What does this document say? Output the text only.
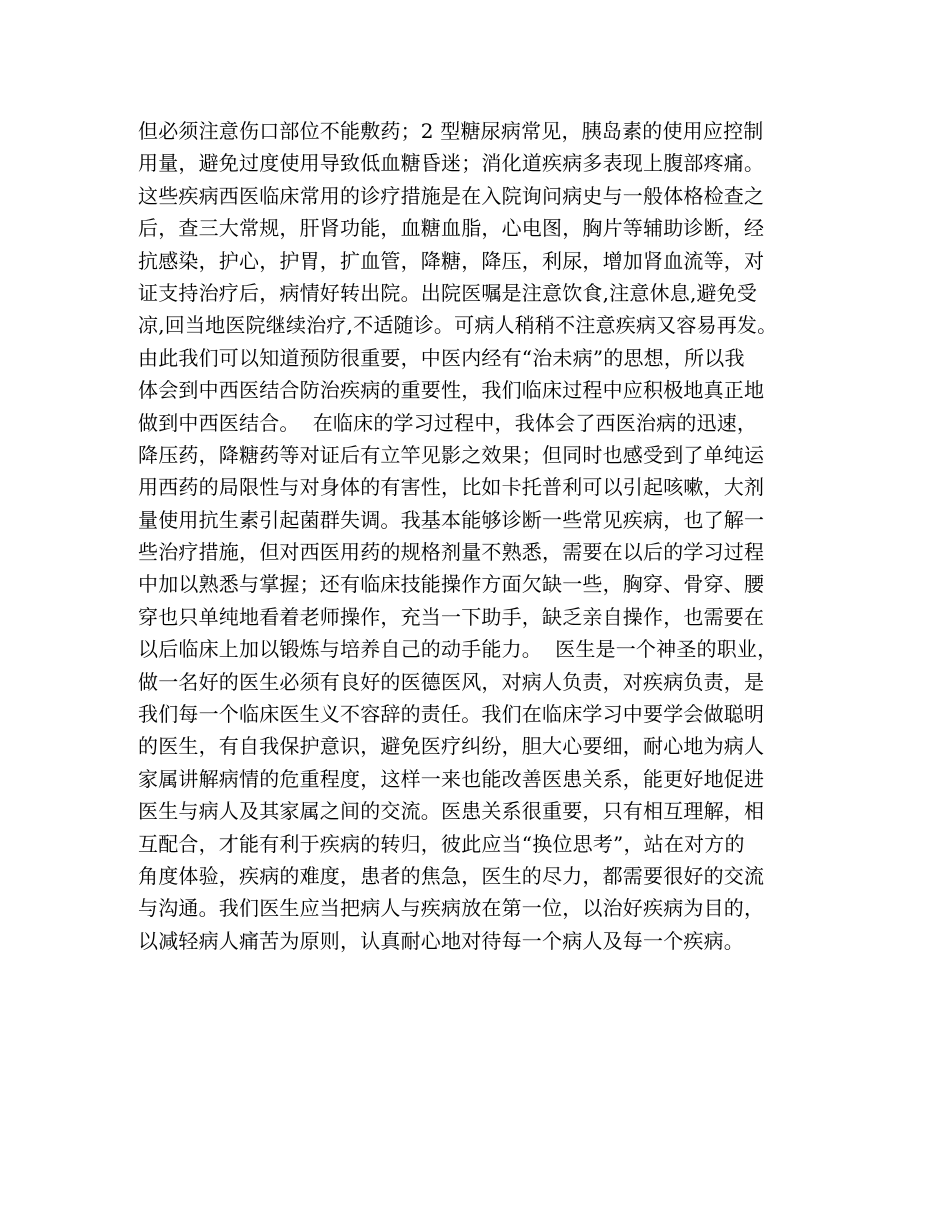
但必须注意伤口部位不能敷药；2 型糖尿病常见，胰岛素的使用应控制
用量，避免过度使用导致低血糖昏迷；消化道疾病多表现上腹部疼痛。
这些疾病西医临床常用的诊疗措施是在入院询问病史与一般体格检查之
后，查三大常规，肝肾功能，血糖血脂，心电图，胸片等辅助诊断，经
抗感染，护心，护胃，扩血管，降糖，降压，利尿，增加肾血流等，对
证支持治疗后，病情好转出院。出院医嘱是注意饮食,注意休息,避免受
凉,回当地医院继续治疗,不适随诊。可病人稍稍不注意疾病又容易再发。
由此我们可以知道预防很重要，中医内经有“治未病”的思想，所以我
体会到中西医结合防治疾病的重要性，我们临床过程中应积极地真正地
做到中西医结合。  在临床的学习过程中，我体会了西医治病的迅速，
降压药，降糖药等对证后有立竿见影之效果；但同时也感受到了单纯运
用西药的局限性与对身体的有害性，比如卡托普利可以引起咳嗽，大剂
量使用抗生素引起菌群失调。我基本能够诊断一些常见疾病，也了解一
些治疗措施，但对西医用药的规格剂量不熟悉，需要在以后的学习过程
中加以熟悉与掌握；还有临床技能操作方面欠缺一些，胸穿、骨穿、腰
穿也只单纯地看着老师操作，充当一下助手，缺乏亲自操作，也需要在
以后临床上加以锻炼与培养自己的动手能力。  医生是一个神圣的职业，
做一名好的医生必须有良好的医德医风，对病人负责，对疾病负责，是
我们每一个临床医生义不容辞的责任。我们在临床学习中要学会做聪明
的医生，有自我保护意识，避免医疗纠纷，胆大心要细，耐心地为病人
家属讲解病情的危重程度，这样一来也能改善医患关系，能更好地促进
医生与病人及其家属之间的交流。医患关系很重要，只有相互理解，相
互配合，才能有利于疾病的转归，彼此应当“换位思考”，站在对方的
角度体验，疾病的难度，患者的焦急，医生的尽力，都需要很好的交流
与沟通。我们医生应当把病人与疾病放在第一位，以治好疾病为目的，
以减轻病人痛苦为原则，认真耐心地对待每一个病人及每一个疾病。
